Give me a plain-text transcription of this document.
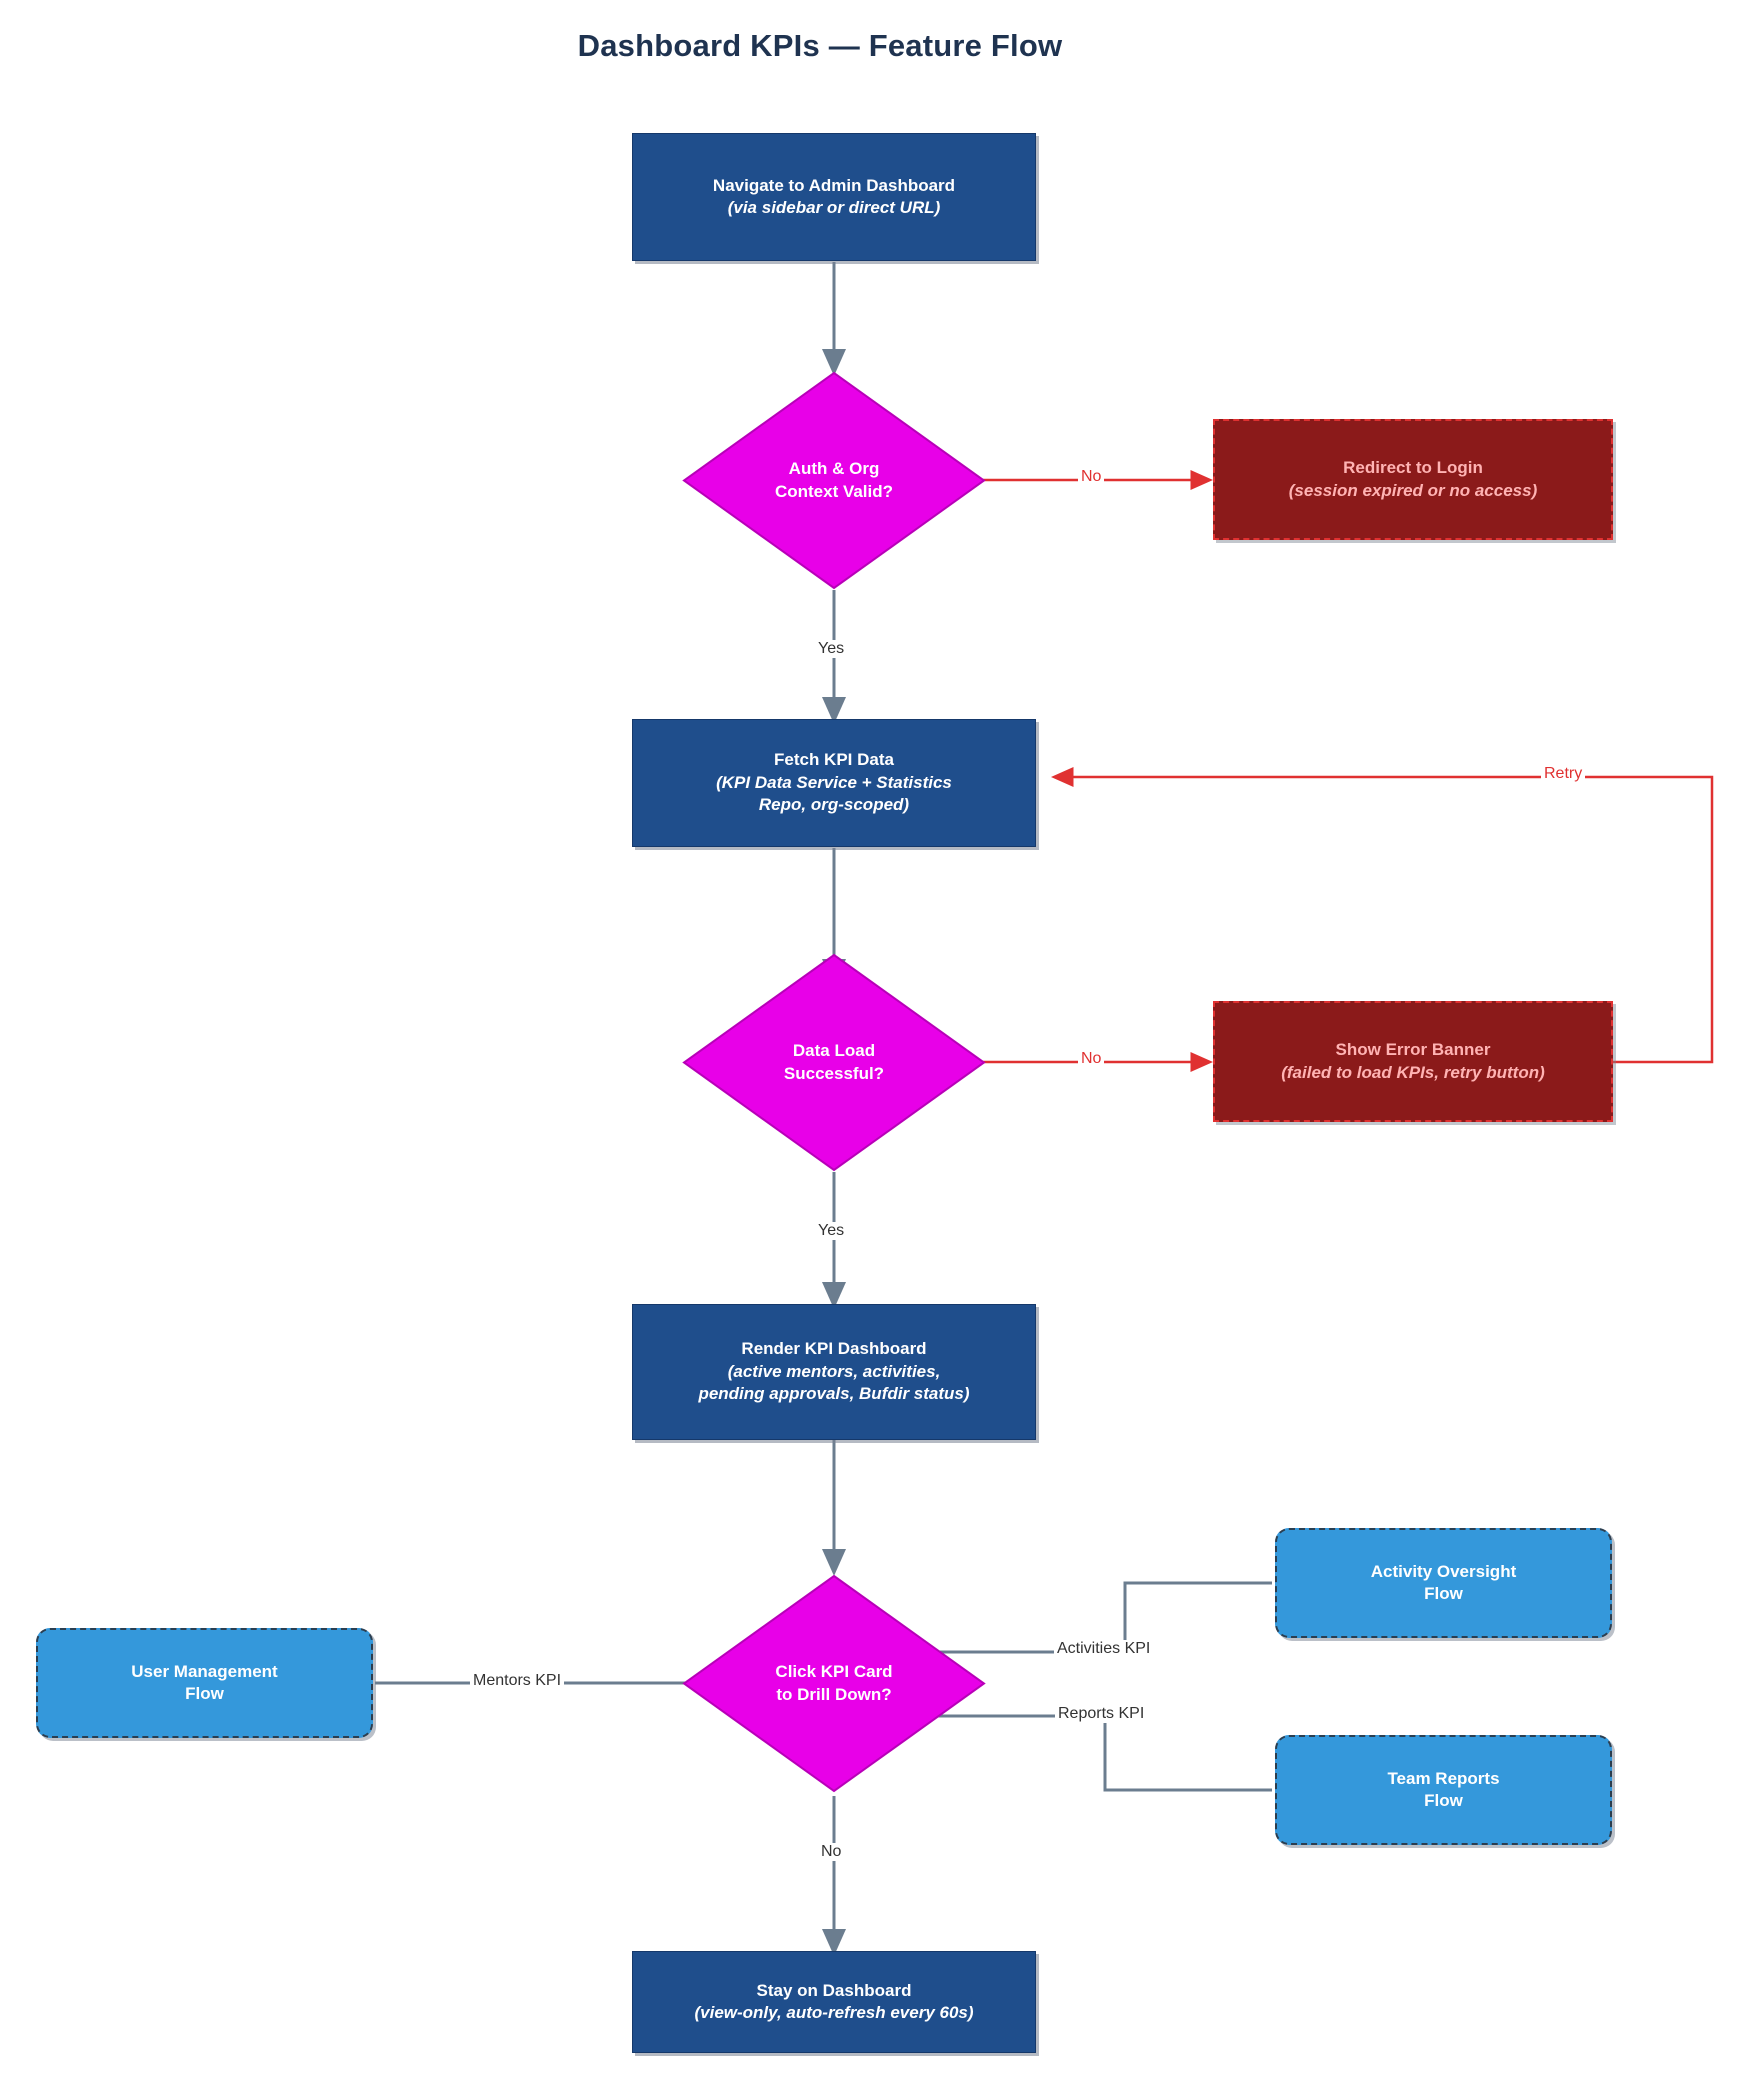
Dashboard KPIs — Feature Flow
Navigate to Admin Dashboard
(via sidebar or direct URL)
Auth & Org
Context Valid?
Redirect to Login
(session expired or no access)
Fetch KPI Data
(KPI Data Service + Statistics
Repo, org-scoped)
Data Load
Successful?
Show Error Banner
(failed to load KPIs, retry button)
Render KPI Dashboard
(active mentors, activities,
pending approvals, Bufdir status)
Click KPI Card
to Drill Down?
User Management
Flow
Activity Oversight
Flow
Team Reports
Flow
Stay on Dashboard
(view-only, auto-refresh every 60s)
No
Yes
No
Retry
Yes
Mentors KPI
Activities KPI
Reports KPI
No
